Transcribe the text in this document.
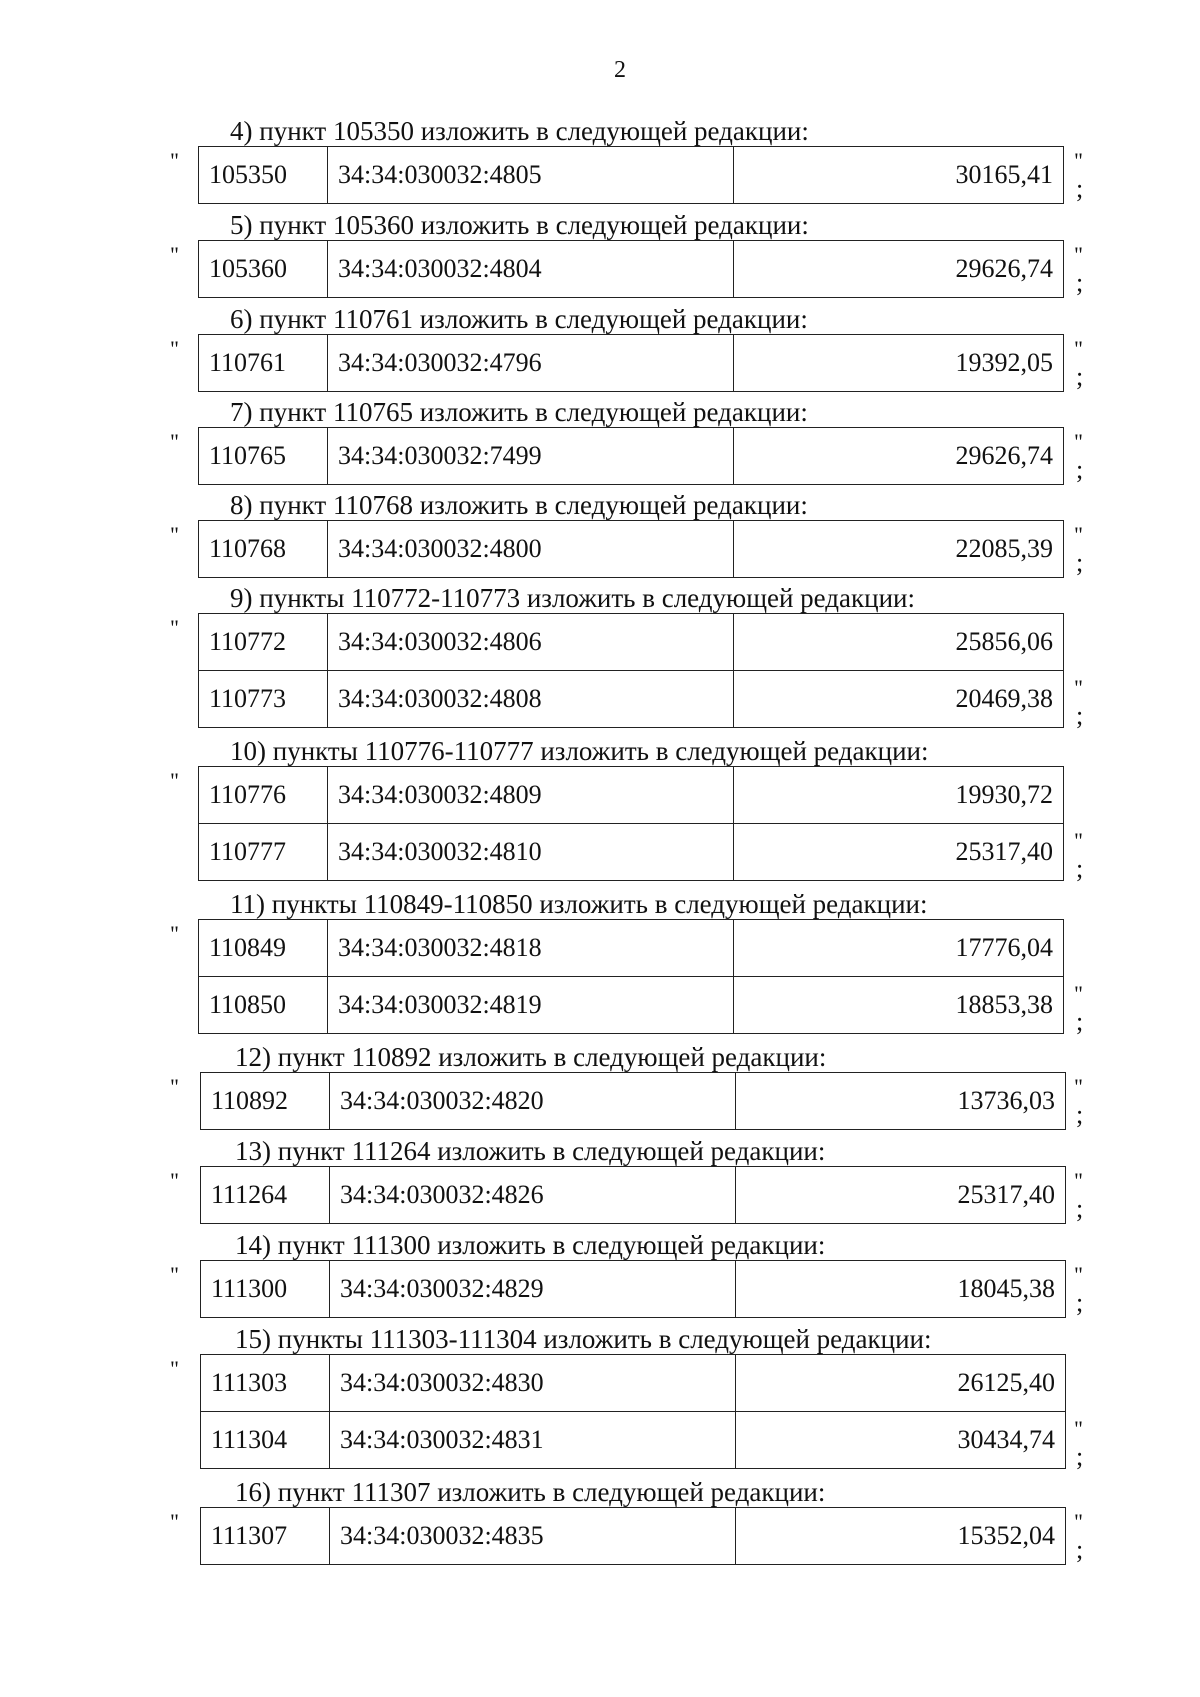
2
4) пункт 105350 изложить в следующей редакции:
" 105350	34:34:030032:4805	30165,41 "
;
5) пункт 105360 изложить в следующей редакции:
" 105360	34:34:030032:4804	29626,74 "
;
6) пункт 110761 изложить в следующей редакции:
" 110761	34:34:030032:4796	19392,05 "
;
7) пункт 110765 изложить в следующей редакции:
" 110765	34:34:030032:7499	29626,74 "
;
8) пункт 110768 изложить в следующей редакции:
" 110768	34:34:030032:4800	22085,39 "
;
9) пункты 110772-110773 изложить в следующей редакции:
" 110772	34:34:030032:4806	25856,06
110773	34:34:030032:4808	20469,38 "
;
10) пункты 110776-110777 изложить в следующей редакции:
" 110776	34:34:030032:4809	19930,72
110777	34:34:030032:4810	25317,40 "
;
11) пункты 110849-110850 изложить в следующей редакции:
" 110849	34:34:030032:4818	17776,04
110850	34:34:030032:4819	18853,38 "
;
12) пункт 110892 изложить в следующей редакции:
" 110892	34:34:030032:4820	13736,03 "
;
13) пункт 111264 изложить в следующей редакции:
" 111264	34:34:030032:4826	25317,40 "
;
14) пункт 111300 изложить в следующей редакции:
" 111300	34:34:030032:4829	18045,38 "
;
15) пункты 111303-111304 изложить в следующей редакции:
" 111303	34:34:030032:4830	26125,40
111304	34:34:030032:4831	30434,74 "
;
16) пункт 111307 изложить в следующей редакции:
" 111307	34:34:030032:4835	15352,04 "
;
